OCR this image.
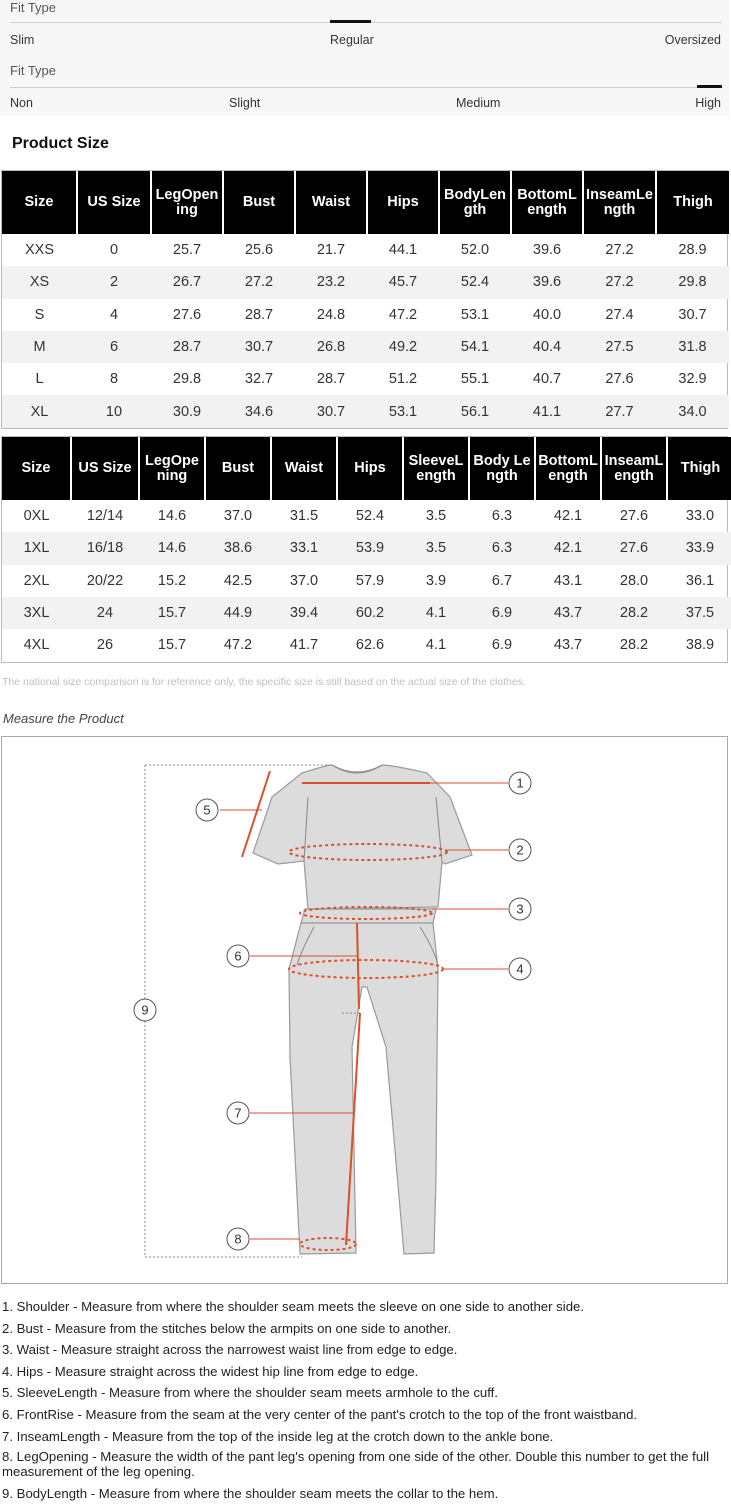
Fit Type
Slim	Regular	Oversized
Fit Type
Non	Slight	Medium	High
Product Size
Size	US Size	LegOpening	Bust	Waist	Hips	BodyLength	BottomLength	InseamLength	Thigh
XXS	0	25.7	25.6	21.7	44.1	52.0	39.6	27.2	28.9
XS	2	26.7	27.2	23.2	45.7	52.4	39.6	27.2	29.8
S	4	27.6	28.7	24.8	47.2	53.1	40.0	27.4	30.7
M	6	28.7	30.7	26.8	49.2	54.1	40.4	27.5	31.8
L	8	29.8	32.7	28.7	51.2	55.1	40.7	27.6	32.9
XL	10	30.9	34.6	30.7	53.1	56.1	41.1	27.7	34.0
Size	US Size	LegOpening	Bust	Waist	Hips	SleeveLength	Body Length	BottomLength	InseamLength	Thigh
0XL	12/14	14.6	37.0	31.5	52.4	3.5	6.3	42.1	27.6	33.0
1XL	16/18	14.6	38.6	33.1	53.9	3.5	6.3	42.1	27.6	33.9
2XL	20/22	15.2	42.5	37.0	57.9	3.9	6.7	43.1	28.0	36.1
3XL	24	15.7	44.9	39.4	60.2	4.1	6.9	43.7	28.2	37.5
4XL	26	15.7	47.2	41.7	62.6	4.1	6.9	43.7	28.2	38.9
The national size comparison is for reference only, the specific size is still based on the actual size of the clothes.
Measure the Product
1
2
3
4
5
6
7
8
9
1. Shoulder - Measure from where the shoulder seam meets the sleeve on one side to another side.
2. Bust - Measure from the stitches below the armpits on one side to another.
3. Waist - Measure straight across the narrowest waist line from edge to edge.
4. Hips - Measure straight across the widest hip line from edge to edge.
5. SleeveLength - Measure from where the shoulder seam meets armhole to the cuff.
6. FrontRise - Measure from the seam at the very center of the pant's crotch to the top of the front waistband.
7. InseamLength - Measure from the top of the inside leg at the crotch down to the ankle bone.
8. LegOpening - Measure the width of the pant leg's opening from one side of the other. Double this number to get the full measurement of the leg opening.
9. BodyLength - Measure from where the shoulder seam meets the collar to the hem.
